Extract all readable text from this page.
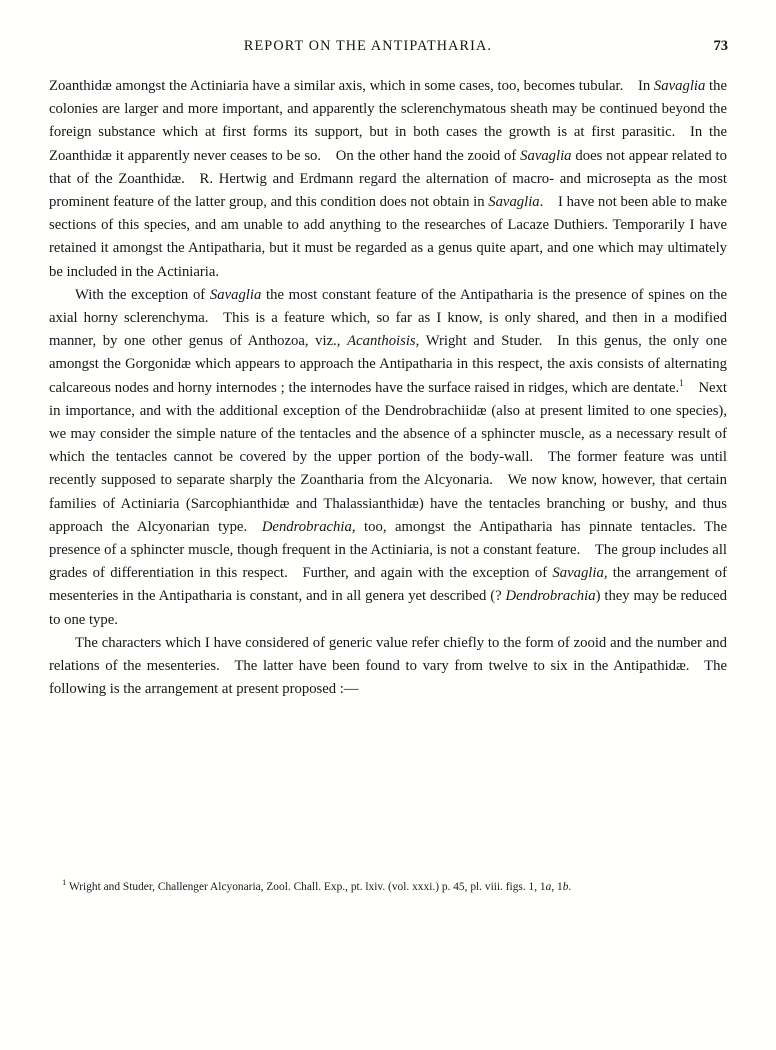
REPORT ON THE ANTIPATHARIA.	73

Zoanthidæ amongst the Actiniaria have a similar axis, which in some cases, too, becomes tubular. In Savaglia the colonies are larger and more important, and apparently the sclerenchymatous sheath may be continued beyond the foreign substance which at first forms its support, but in both cases the growth is at first parasitic. In the Zoanthidæ it apparently never ceases to be so. On the other hand the zooid of Savaglia does not appear related to that of the Zoanthidæ. R. Hertwig and Erdmann regard the alternation of macro- and microsepta as the most prominent feature of the latter group, and this condition does not obtain in Savaglia. I have not been able to make sections of this species, and am unable to add anything to the researches of Lacaze Duthiers. Temporarily I have retained it amongst the Antipatharia, but it must be regarded as a genus quite apart, and one which may ultimately be included in the Actiniaria.

With the exception of Savaglia the most constant feature of the Antipatharia is the presence of spines on the axial horny sclerenchyma. This is a feature which, so far as I know, is only shared, and then in a modified manner, by one other genus of Anthozoa, viz., Acanthoisis, Wright and Studer. In this genus, the only one amongst the Gorgonidæ which appears to approach the Antipatharia in this respect, the axis consists of alternating calcareous nodes and horny internodes ; the internodes have the surface raised in ridges, which are dentate.$^1$ Next in importance, and with the additional exception of the Dendrobrachiidæ (also at present limited to one species), we may consider the simple nature of the tentacles and the absence of a sphincter muscle, as a necessary result of which the tentacles cannot be covered by the upper portion of the body-wall. The former feature was until recently supposed to separate sharply the Zoantharia from the Alcyonaria. We now know, however, that certain families of Actiniaria (Sarcophianthidæ and Thalassianthidæ) have the tentacles branching or bushy, and thus approach the Alcyonarian type. Dendrobrachia, too, amongst the Antipatharia has pinnate tentacles. The presence of a sphincter muscle, though frequent in the Actiniaria, is not a constant feature. The group includes all grades of differentiation in this respect. Further, and again with the exception of Savaglia, the arrangement of mesenteries in the Antipatharia is constant, and in all genera yet described (? Dendrobrachia) they may be reduced to one type.

The characters which I have considered of generic value refer chiefly to the form of zooid and the number and relations of the mesenteries. The latter have been found to vary from twelve to six in the Antipathidæ. The following is the arrangement at present proposed :—

$^1$ Wright and Studer, Challenger Alcyonaria, Zool. Chall. Exp., pt. lxiv. (vol. xxxi.) p. 45, pl. viii. figs. 1, 1a, 1b.
